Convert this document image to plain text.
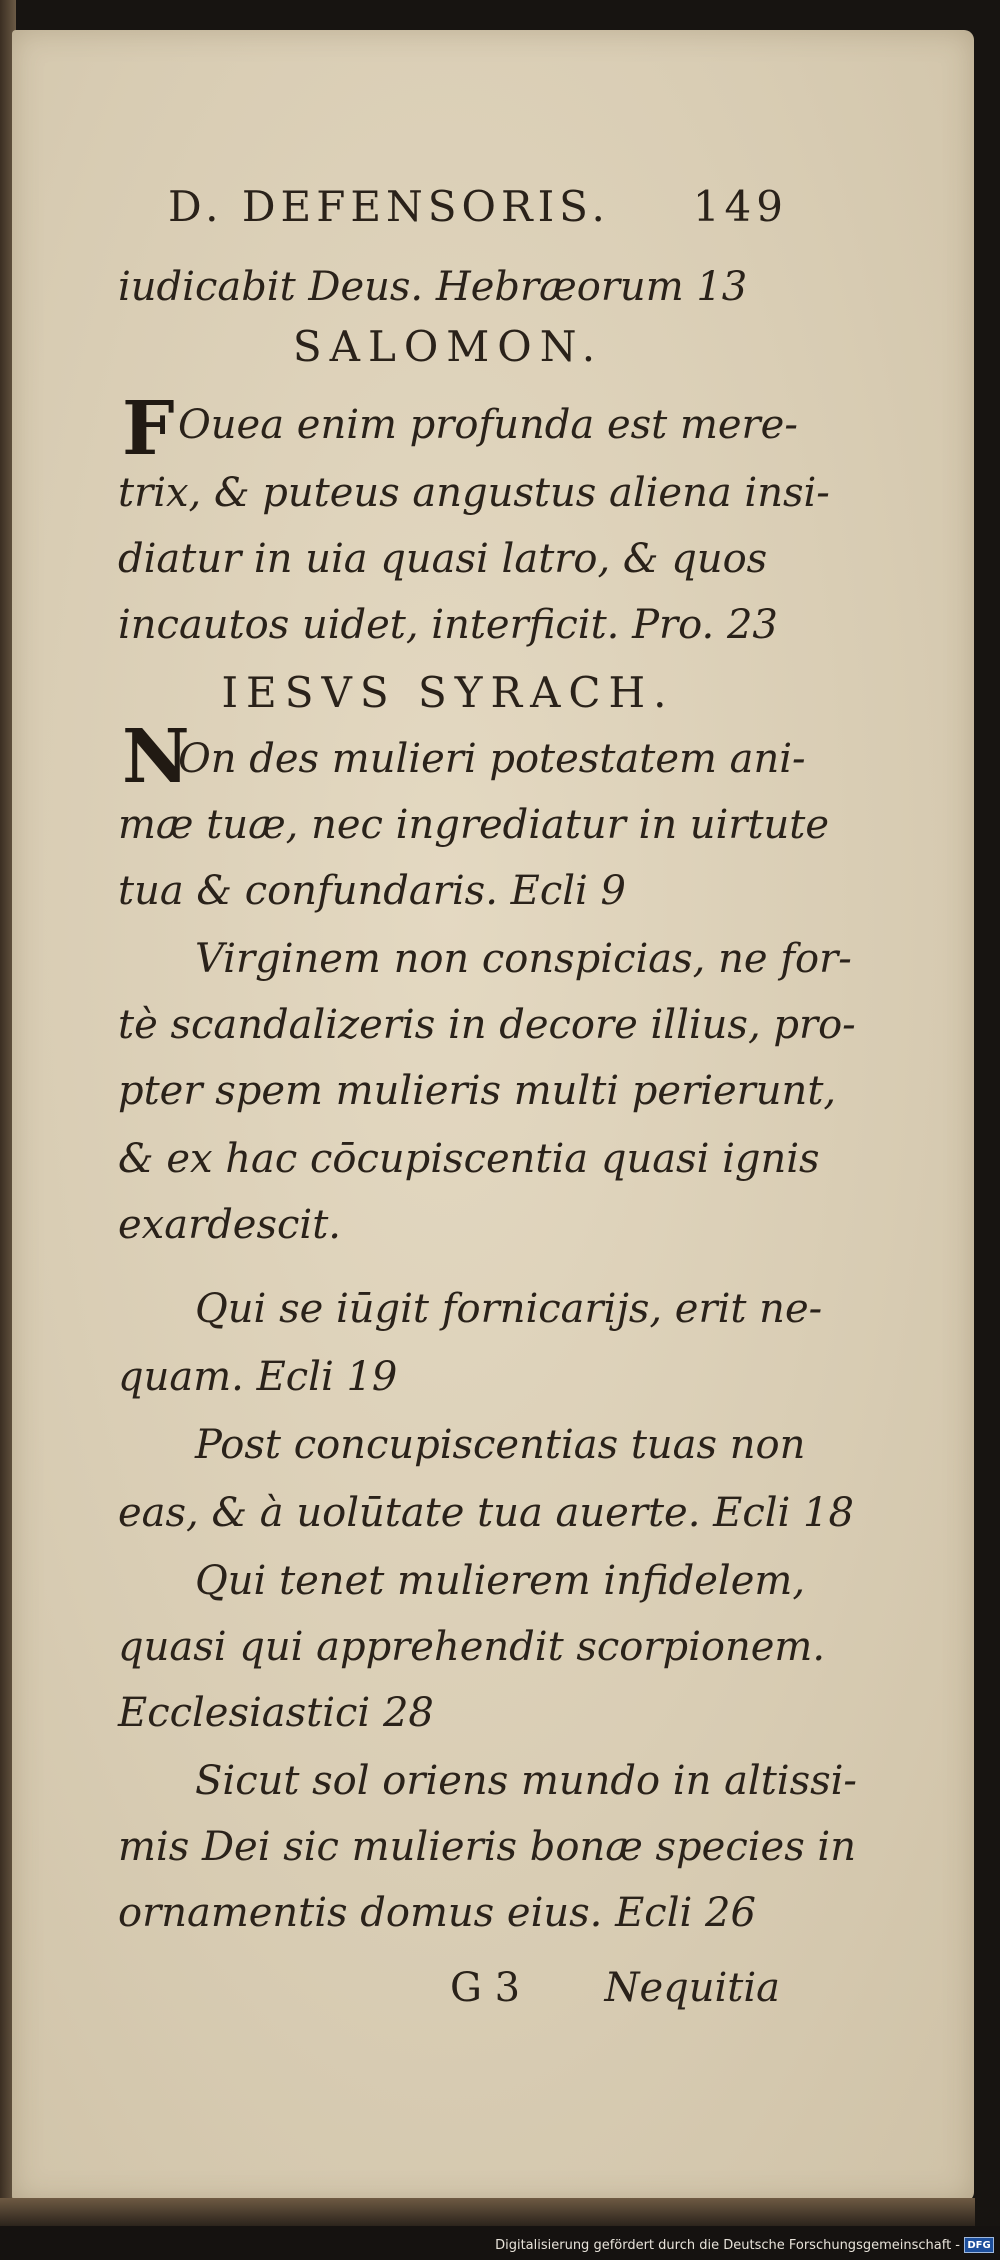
D. DEFENSORIS. 149
iudicabit Deus. Hebræorum 13
SALOMON.
F Ouea enim profunda est mere-
trix, & puteus angustus aliena insi-
diatur in uia quasi latro, & quos
incautos uidet, interficit. Pro. 23
IESVS SYRACH.
N
On des mulieri potestatem ani-
mæ tuæ, nec ingrediatur in uirtute
tua & confundaris. Ecli 9
Virginem non conspicias, ne for-
tè scandalizeris in decore illius, pro-
pter spem mulieris multi perierunt,
& ex hac cōcupiscentia quasi ignis
exardescit.
Qui se iūgit fornicarijs, erit ne-
quam. Ecli 19
Post concupiscentias tuas non
eas, & à uolūtate tua auerte. Ecli 18
Qui tenet mulierem infidelem,
quasi qui apprehendit scorpionem.
Ecclesiastici 28
Sicut sol oriens mundo in altissi-
mis Dei sic mulieris bonæ species in
ornamentis domus eius. Ecli 26
G 3 Nequitia
Digitalisierung gefördert durch die Deutsche Forschungsgemeinschaft - DFG
